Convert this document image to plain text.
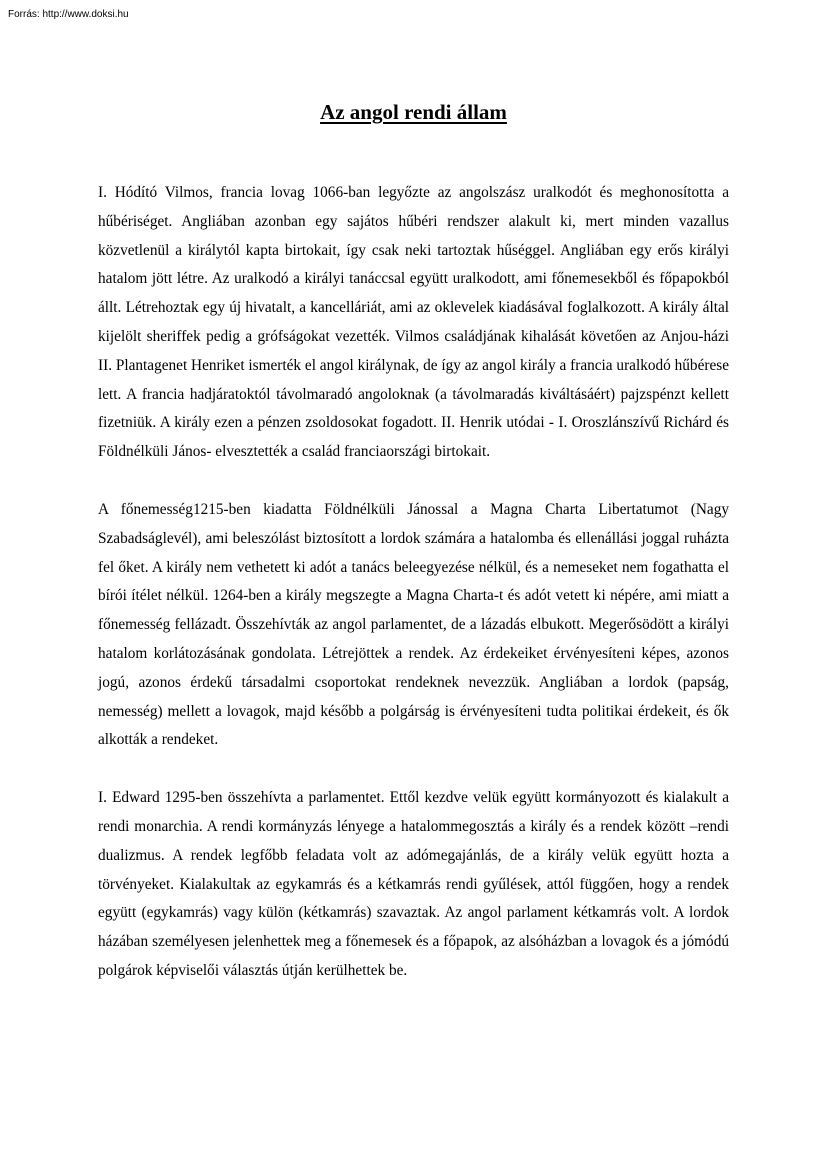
Forrás: http://www.doksi.hu

Az angol rendi állam

I. Hódító Vilmos, francia lovag 1066-ban legyőzte az angolszász uralkodót és meghonosította a hűbériséget. Angliában azonban egy sajátos hűbéri rendszer alakult ki, mert minden vazallus közvetlenül a királytól kapta birtokait, így csak neki tartoztak hűséggel. Angliában egy erős királyi hatalom jött létre. Az uralkodó a királyi tanáccsal együtt uralkodott, ami főnemesekből és főpapokból állt. Létrehoztak egy új hivatalt, a kancelláriát, ami az oklevelek kiadásával foglalkozott. A király által kijelölt sheriffek pedig a grófságokat vezették. Vilmos családjának kihalását követően az Anjou-házi II. Plantagenet Henriket ismerték el angol királynak, de így az angol király a francia uralkodó hűbérese lett. A francia hadjáratoktól távolmaradó angoloknak (a távolmaradás kiváltásáért) pajzspénzt kellett fizetniük. A király ezen a pénzen zsoldosokat fogadott. II. Henrik utódai - I. Oroszlánszívű Richárd és Földnélküli János- elvesztették a család franciaországi birtokait.

A főnemesség1215-ben kiadatta Földnélküli Jánossal a Magna Charta Libertatumot (Nagy Szabadságlevél), ami beleszólást biztosított a lordok számára a hatalomba és ellenállási joggal ruházta fel őket. A király nem vethetett ki adót a tanács beleegyezése nélkül, és a nemeseket nem fogathatta el bírói ítélet nélkül. 1264-ben a király megszegte a Magna Charta-t és adót vetett ki népére, ami miatt a főnemesség fellázadt. Összehívták az angol parlamentet, de a lázadás elbukott. Megerősödött a királyi hatalom korlátozásának gondolata. Létrejöttek a rendek. Az érdekeiket érvényesíteni képes, azonos jogú, azonos érdekű társadalmi csoportokat rendeknek nevezzük. Angliában a lordok (papság, nemesség) mellett a lovagok, majd később a polgárság is érvényesíteni tudta politikai érdekeit, és ők alkották a rendeket.

I. Edward 1295-ben összehívta a parlamentet. Ettől kezdve velük együtt kormányozott és kialakult a rendi monarchia. A rendi kormányzás lényege a hatalommegosztás a király és a rendek között –rendi dualizmus. A rendek legfőbb feladata volt az adómegajánlás, de a király velük együtt hozta a törvényeket. Kialakultak az egykamrás és a kétkamrás rendi gyűlések, attól függően, hogy a rendek együtt (egykamrás) vagy külön (kétkamrás) szavaztak. Az angol parlament kétkamrás volt. A lordok házában személyesen jelenhettek meg a főnemesek és a főpapok, az alsóházban a lovagok és a jómódú polgárok képviselői választás útján kerülhettek be.
